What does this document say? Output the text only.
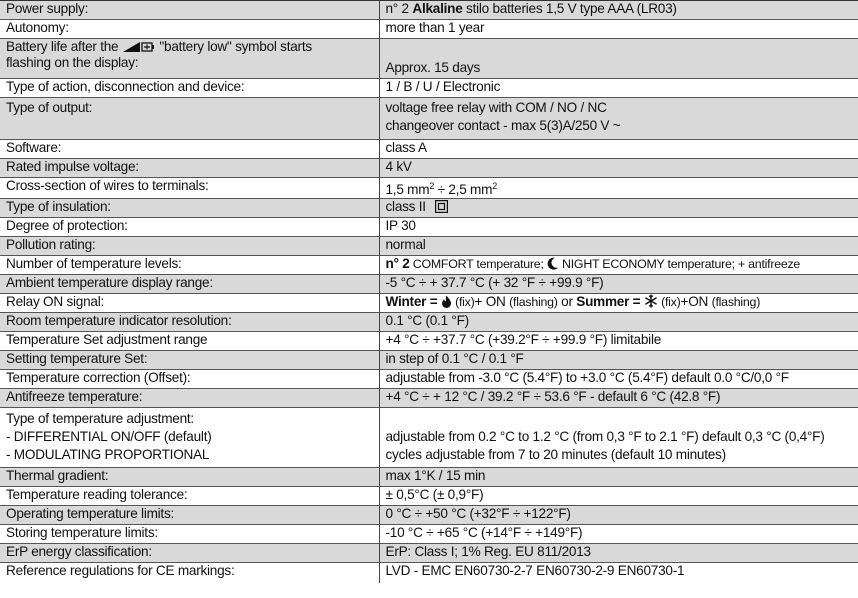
Power supply:	n° 2 Alkaline stilo batteries 1,5 V type AAA (LR03)
Autonomy:	more than 1 year

Battery life after the "battery low" symbol starts
flashing on the display:	Approx. 15 days
Type of action, disconnection and device:	1 / B / U / Electronic
Type of output:	voltage free relay with COM / NO / NC
changeover contact - max 5(3)A/250 V ~

Software:	class A
Rated impulse voltage:	4 kV
Cross-section of wires to terminals:	1,5 $mm^2 \div 2,5$ $mm^2$
Type of insulation:	class II
Degree of protection:	IP 30
Pollution rating:	normal
Number of temperature levels:	n° 2 COMFORT temperature;  NIGHT ECONOMY temperature; + antifreeze
Ambient temperature display range:	-5 °C ÷ + 37.7 °C (+ 32 °F ÷ +99.9 °F)
Relay ON signal:	Winter =  (fix)+ ON (flashing) or Summer =  (fix)+ON (flashing)
Room temperature indicator resolution:	0.1 °C (0.1 °F)
Temperature Set adjustment range	+4 °C ÷ +37.7 °C (+39.2°F ÷ +99.9 °F) limitabile
Setting temperature Set:	in step of 0.1 °C / 0.1 °F
Temperature correction (Offset):	adjustable from -3.0 °C (5.4°F) to +3.0 °C (5.4°F) default 0.0 °C/0,0 °F
Antifreeze temperature:	+4 °C ÷ + 12 °C / 39.2 °F ÷ 53.6 °F - default 6 °C (42.8 °F)

Type of temperature adjustment:
- DIFFERENTIAL ON/OFF (default)
- MODULATING PROPORTIONAL	adjustable from 0.2 °C to 1.2 °C (from 0,3 °F to 2.1 °F) default 0,3 °C (0,4°F)
cycles adjustable from 7 to 20 minutes (default 10 minutes)

Thermal gradient:	max 1°K / 15 min
Temperature reading tolerance:	± 0,5°C (± 0,9°F)
Operating temperature limits:	0 °C ÷ +50 °C (+32°F ÷ +122°F)
Storing temperature limits:	-10 °C ÷ +65 °C (+14°F ÷ +149°F)
ErP energy classification:	ErP: Class I; 1% Reg. EU 811/2013
Reference regulations for CE markings:	LVD - EMC EN60730-2-7 EN60730-2-9 EN60730-1
